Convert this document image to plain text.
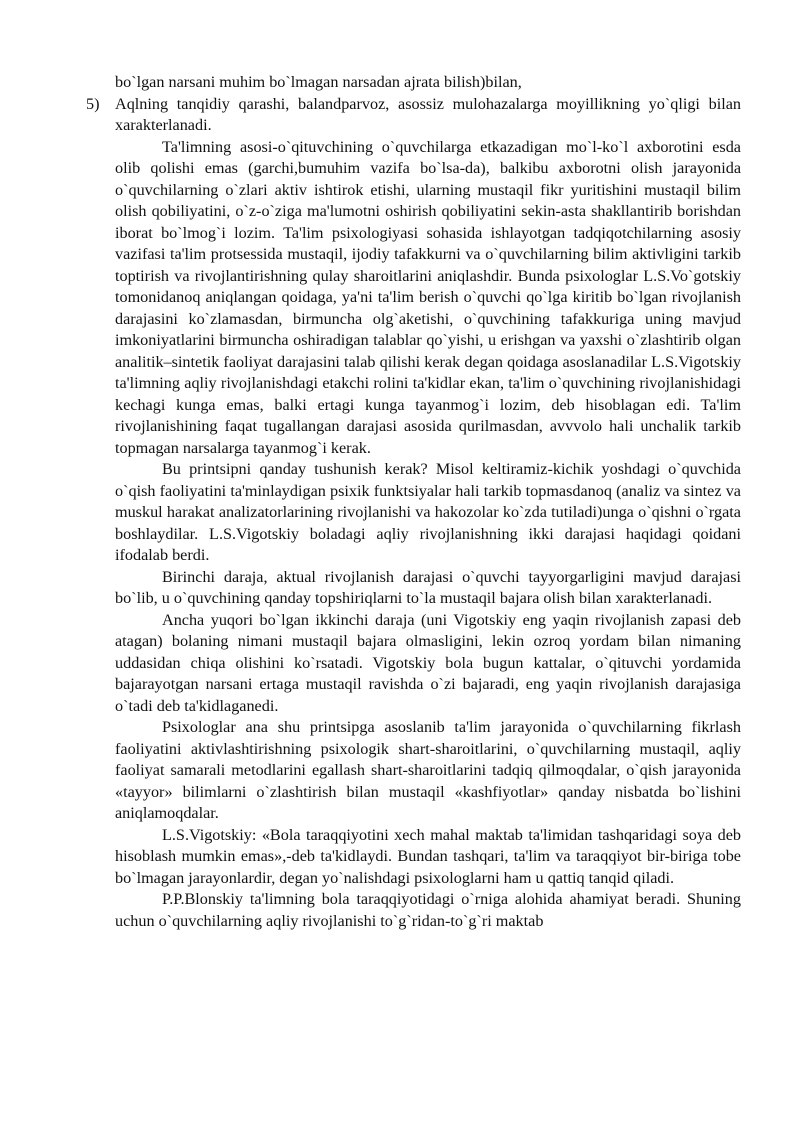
bo`lgan narsani muhim bo`lmagan narsadan ajrata bilish)bilan,

5) Aqlning tanqidiy qarashi, balandparvoz, asossiz mulohazalarga moyillikning yo`qligi bilan xarakterlanadi.

Ta'limning asosi-o`qituvchining o`quvchilarga etkazadigan mo`l-ko`l axborotini esda olib qolishi emas (garchi,bumuhim vazifa bo`lsa-da), balkibu axborotni olish jarayonida o`quvchilarning o`zlari aktiv ishtirok etishi, ularning mustaqil fikr yuritishini mustaqil bilim olish qobiliyatini, o`z-o`ziga ma'lumotni oshirish qobiliyatini sekin-asta shakllantirib borishdan iborat bo`lmog`i lozim. Ta'lim psixologiyasi sohasida ishlayotgan tadqiqotchilarning asosiy vazifasi ta'lim protsessida mustaqil, ijodiy tafakkurni va o`quvchilarning bilim aktivligini tarkib toptirish va rivojlantirishning qulay sharoitlarini aniqlashdir. Bunda psixologlar L.S.Vo`gotskiy tomonidanoq aniqlangan qoidaga, ya'ni ta'lim berish o`quvchi qo`lga kiritib bo`lgan rivojlanish darajasini ko`zlamasdan, birmuncha olg`aketishi, o`quvchining tafakkuriga uning mavjud imkoniyatlarini birmuncha oshiradigan talablar qo`yishi, u erishgan va yaxshi o`zlashtirib olgan analitik–sintetik faoliyat darajasini talab qilishi kerak degan qoidaga asoslanadilar L.S.Vigotskiy ta'limning aqliy rivojlanishdagi etakchi rolini ta'kidlar ekan, ta'lim o`quvchining rivojlanishidagi kechagi kunga emas, balki ertagi kunga tayanmog`i lozim, deb hisoblagan edi. Ta'lim rivojlanishining faqat tugallangan darajasi asosida qurilmasdan, avvvolo hali unchalik tarkib topmagan narsalarga tayanmog`i kerak.

Bu printsipni qanday tushunish kerak? Misol keltiramiz-kichik yoshdagi o`quvchida o`qish faoliyatini ta'minlaydigan psixik funktsiyalar hali tarkib topmasdanoq (analiz va sintez va muskul harakat analizatorlarining rivojlanishi va hakozolar ko`zda tutiladi)unga o`qishni o`rgata boshlaydilar. L.S.Vigotskiy boladagi aqliy rivojlanishning ikki darajasi haqidagi qoidani ifodalab berdi.

Birinchi daraja, aktual rivojlanish darajasi o`quvchi tayyorgarligini mavjud darajasi bo`lib, u o`quvchining qanday topshiriqlarni to`la mustaqil bajara olish bilan xarakterlanadi.

Ancha yuqori bo`lgan ikkinchi daraja (uni Vigotskiy eng yaqin rivojlanish zapasi deb atagan) bolaning nimani mustaqil bajara olmasligini, lekin ozroq yordam bilan nimaning uddasidan chiqa olishini ko`rsatadi. Vigotskiy bola bugun kattalar, o`qituvchi yordamida bajarayotgan narsani ertaga mustaqil ravishda o`zi bajaradi, eng yaqin rivojlanish darajasiga o`tadi deb ta'kidlaganedi.

Psixologlar ana shu printsipga asoslanib ta'lim jarayonida o`quvchilarning fikrlash faoliyatini aktivlashtirishning psixologik shart-sharoitlarini, o`quvchilarning mustaqil, aqliy faoliyat samarali metodlarini egallash shart-sharoitlarini tadqiq qilmoqdalar, o`qish jarayonida «tayyor» bilimlarni o`zlashtirish bilan mustaqil «kashfiyotlar» qanday nisbatda bo`lishini aniqlamoqdalar.

L.S.Vigotskiy: «Bola taraqqiyotini xech mahal maktab ta'limidan tashqaridagi soya deb hisoblash mumkin emas»,-deb ta'kidlaydi. Bundan tashqari, ta'lim va taraqqiyot bir-biriga tobe bo`lmagan jarayonlardir, degan yo`nalishdagi psixologlarni ham u qattiq tanqid qiladi.

P.P.Blonskiy ta'limning bola taraqqiyotidagi o`rniga alohida ahamiyat beradi. Shuning uchun o`quvchilarning aqliy rivojlanishi to`g`ridan-to`g`ri maktab
